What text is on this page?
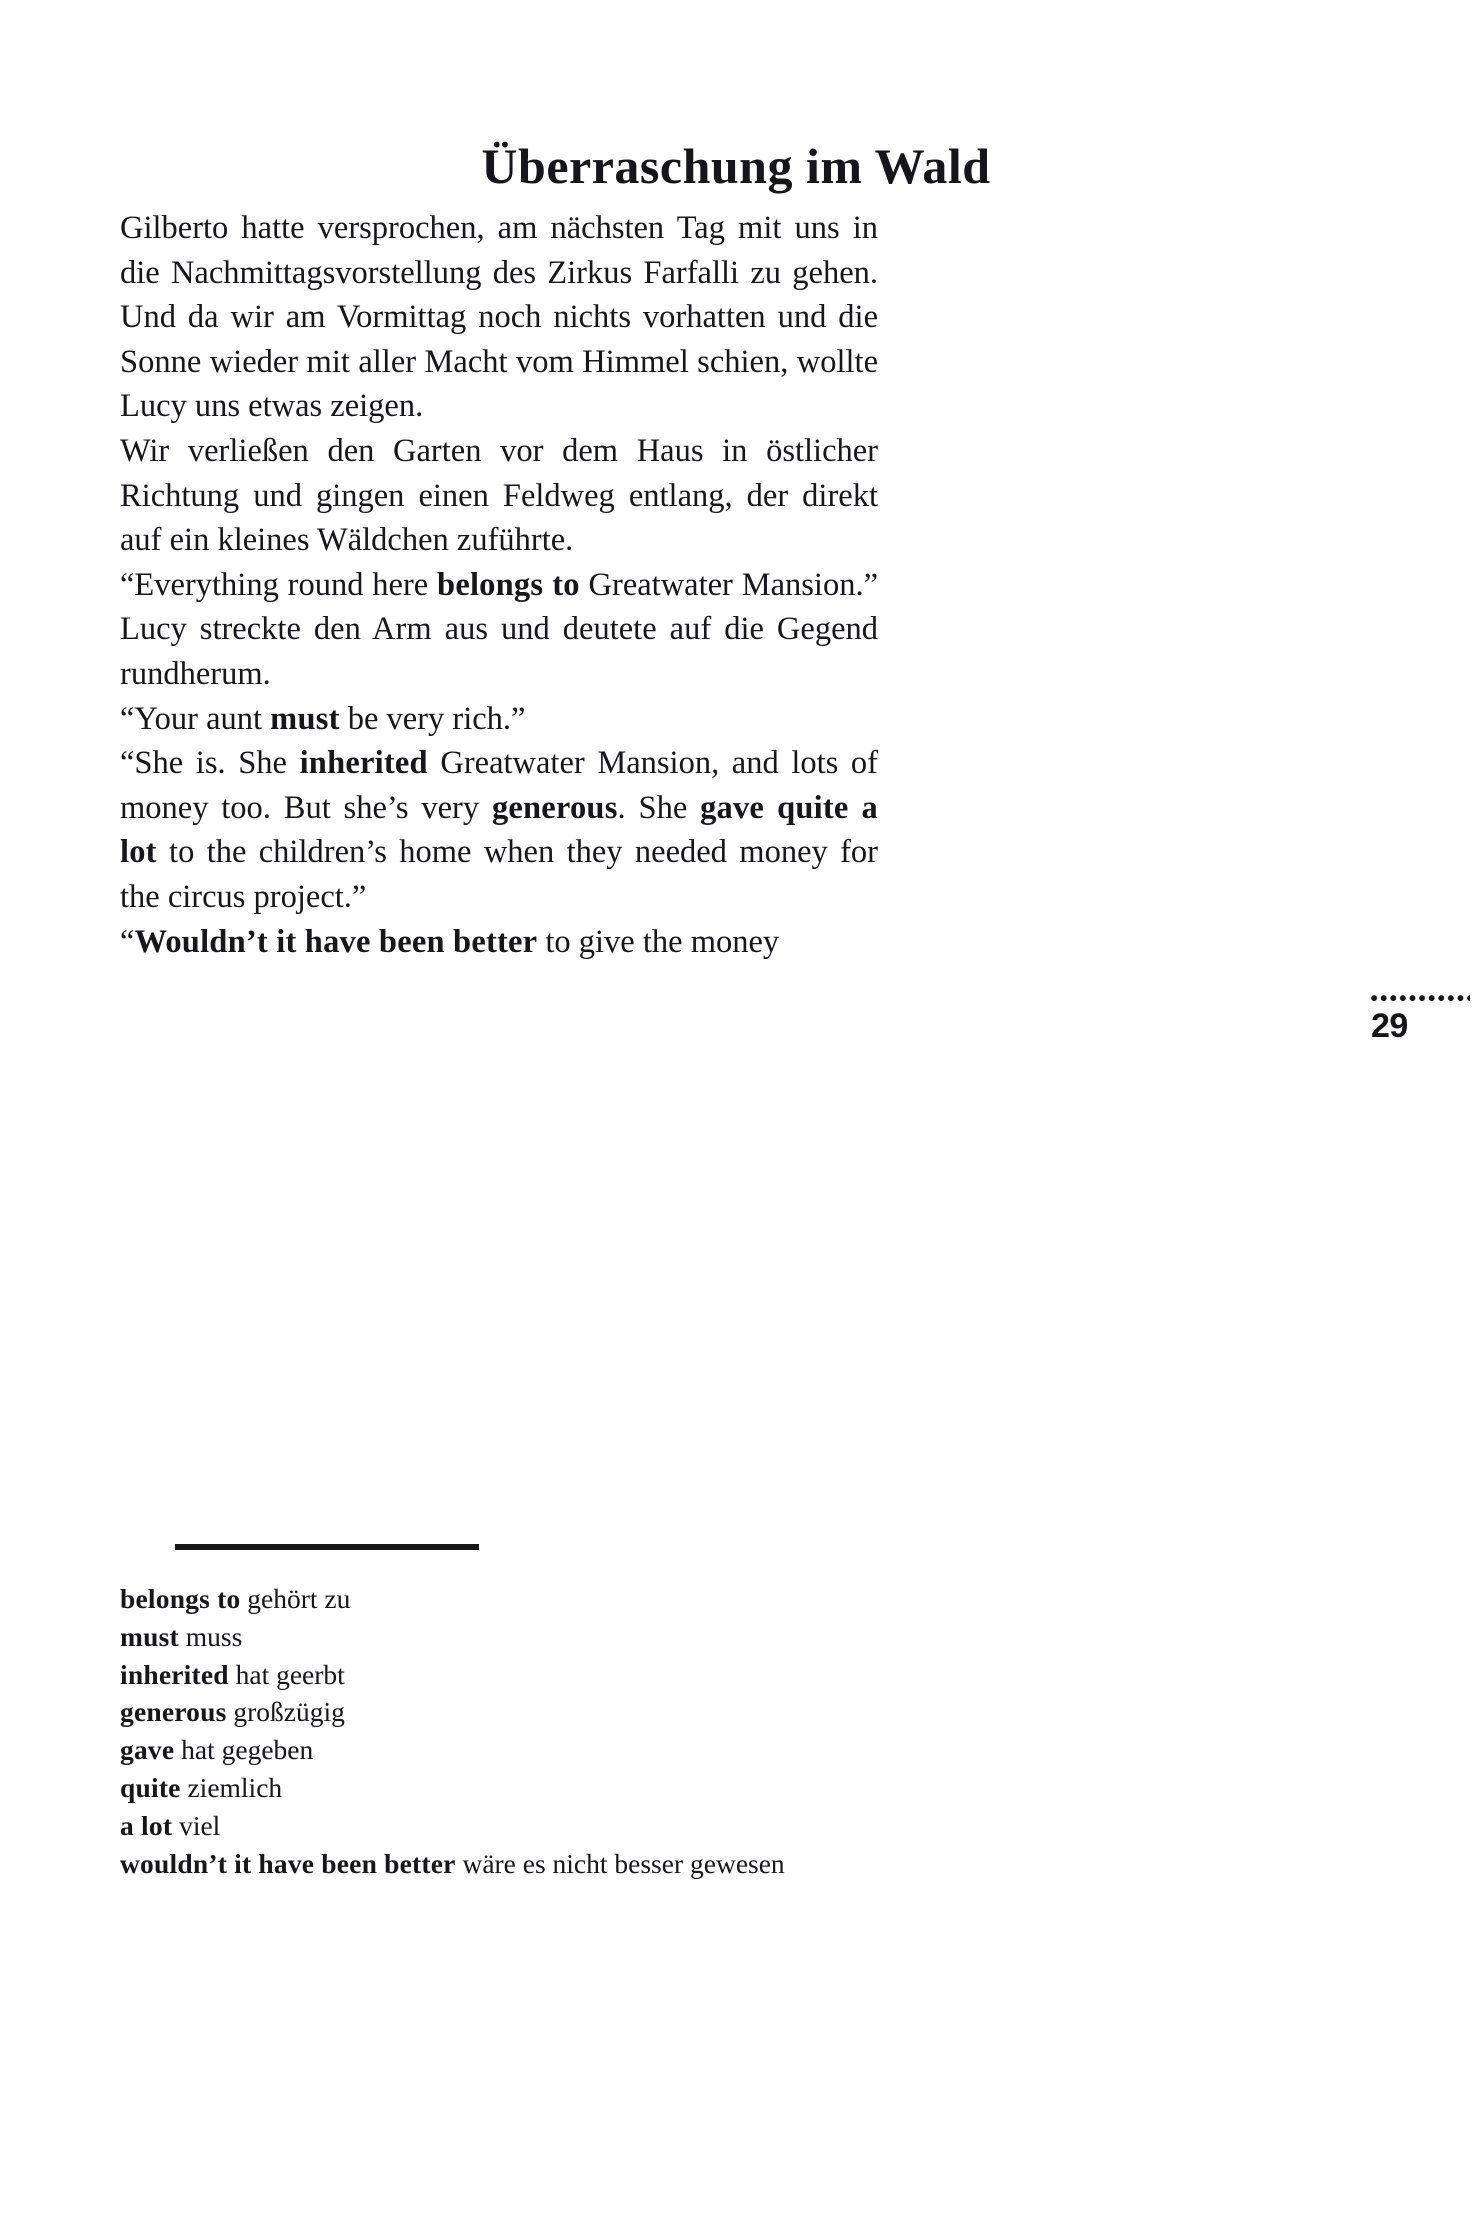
Überraschung im Wald

Gilberto hatte versprochen, am nächsten Tag mit uns in die Nachmittagsvorstellung des Zirkus Farfalli zu gehen. Und da wir am Vormittag noch nichts vorhatten und die Sonne wieder mit aller Macht vom Himmel schien, wollte Lucy uns etwas zeigen.

Wir verließen den Garten vor dem Haus in östlicher Richtung und gingen einen Feldweg entlang, der direkt auf ein kleines Wäldchen zuführte.

“Everything round here belongs to Greatwater Mansion.” Lucy streckte den Arm aus und deutete auf die Gegend rundherum.

“Your aunt must be very rich.”

“She is. She inherited Greatwater Mansion, and lots of money too. But she’s very generous. She gave quite a lot to the children’s home when they needed money for the circus project.”

“Wouldn’t it have been better to give the money

29
belongs to gehört zu
must muss
inherited hat geerbt
generous großzügig
gave hat gegeben
quite ziemlich
a lot viel
wouldn’t it have been better wäre es nicht besser gewesen
